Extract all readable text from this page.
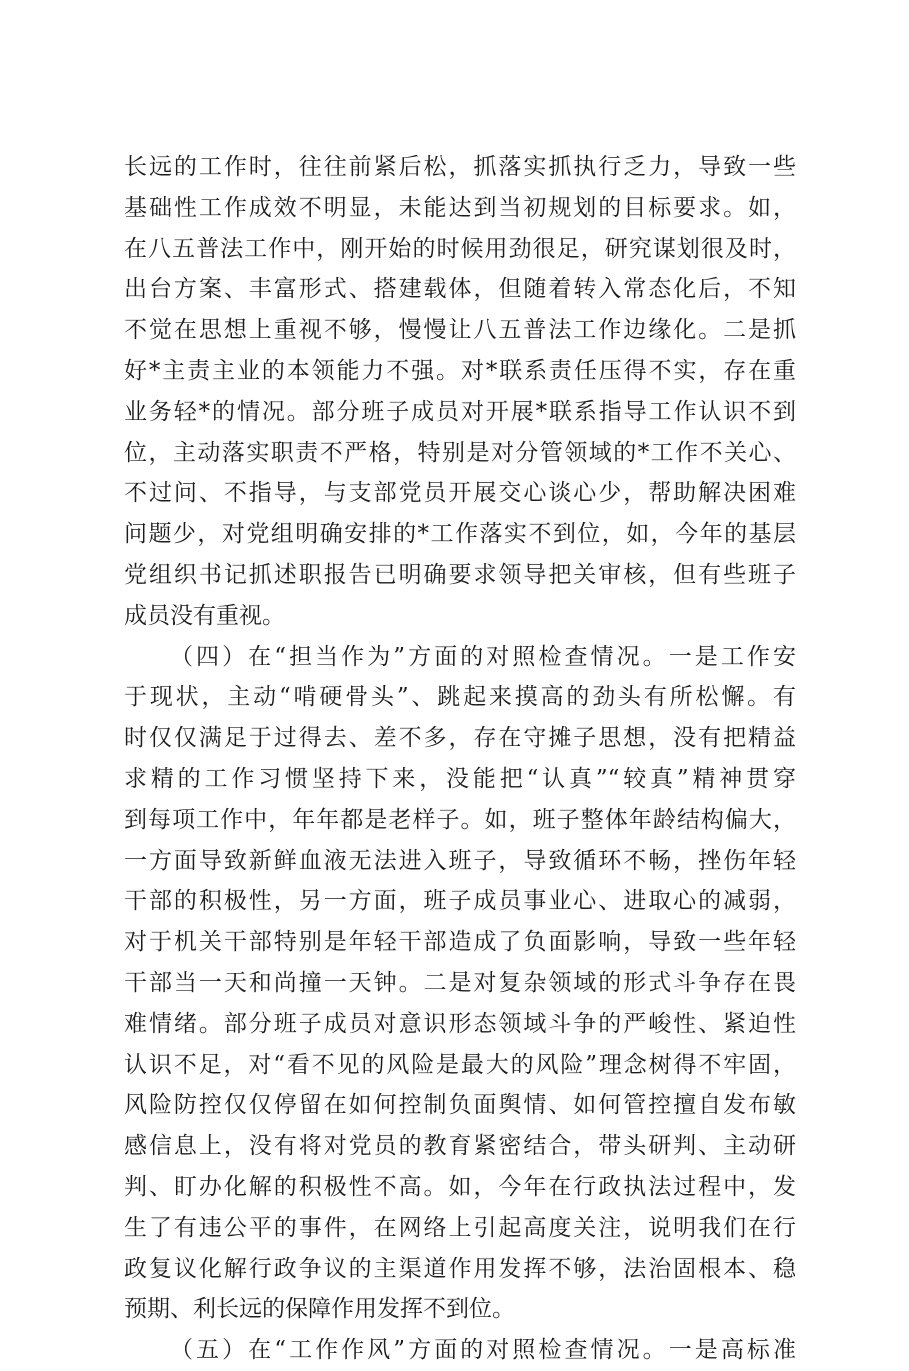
长远的工作时，往往前紧后松，抓落实抓执行乏力，导致一些
基础性工作成效不明显，未能达到当初规划的目标要求。如，
在八五普法工作中，刚开始的时候用劲很足，研究谋划很及时，
出台方案、丰富形式、搭建载体，但随着转入常态化后，不知
不觉在思想上重视不够，慢慢让八五普法工作边缘化。二是抓
好*主责主业的本领能力不强。对*联系责任压得不实，存在重
业务轻*的情况。部分班子成员对开展*联系指导工作认识不到
位，主动落实职责不严格，特别是对分管领域的*工作不关心、
不过问、不指导，与支部党员开展交心谈心少，帮助解决困难
问题少，对党组明确安排的*工作落实不到位，如，今年的基层
党组织书记抓述职报告已明确要求领导把关审核，但有些班子
成员没有重视。
（四）在“担当作为”方面的对照检查情况。一是工作安
于现状，主动“啃硬骨头”、跳起来摸高的劲头有所松懈。有
时仅仅满足于过得去、差不多，存在守摊子思想，没有把精益
求精的工作习惯坚持下来，没能把“认真”“较真”精神贯穿
到每项工作中，年年都是老样子。如，班子整体年龄结构偏大，
一方面导致新鲜血液无法进入班子，导致循环不畅，挫伤年轻
干部的积极性，另一方面，班子成员事业心、进取心的减弱，
对于机关干部特别是年轻干部造成了负面影响，导致一些年轻
干部当一天和尚撞一天钟。二是对复杂领域的形式斗争存在畏
难情绪。部分班子成员对意识形态领域斗争的严峻性、紧迫性
认识不足，对“看不见的风险是最大的风险”理念树得不牢固，
风险防控仅仅停留在如何控制负面舆情、如何管控擅自发布敏
感信息上，没有将对党员的教育紧密结合，带头研判、主动研
判、盯办化解的积极性不高。如，今年在行政执法过程中，发
生了有违公平的事件，在网络上引起高度关注，说明我们在行
政复议化解行政争议的主渠道作用发挥不够，法治固根本、稳
预期、利长远的保障作用发挥不到位。
（五）在“工作作风”方面的对照检查情况。一是高标准
